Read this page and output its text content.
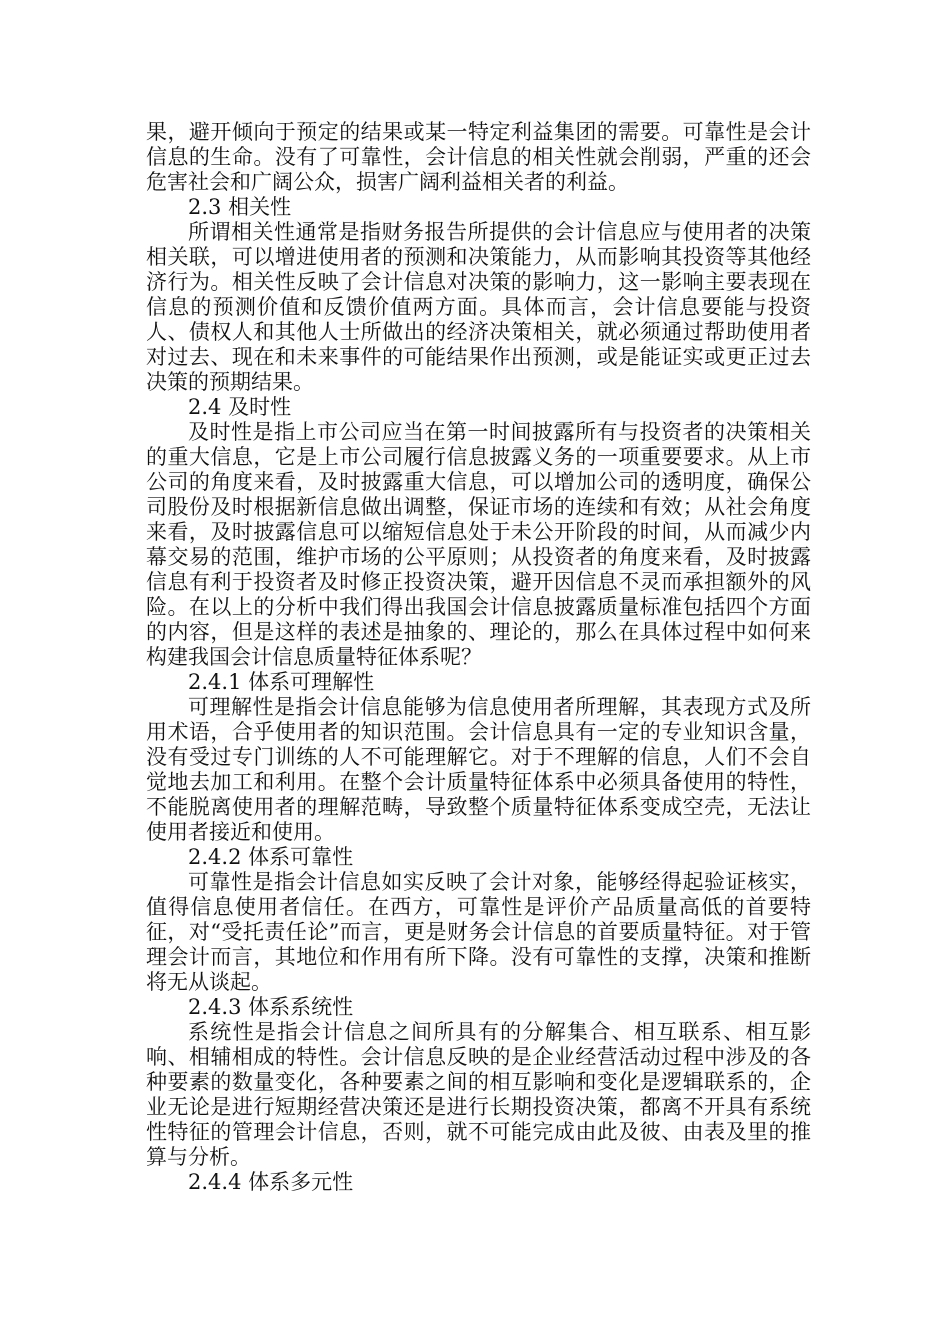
果，避开倾向于预定的结果或某一特定利益集团的需要。可靠性是会计信息的生命。没有了可靠性，会计信息的相关性就会削弱，严重的还会危害社会和广阔公众，损害广阔利益相关者的利益。

2.3 相关性

所谓相关性通常是指财务报告所提供的会计信息应与使用者的决策相关联，可以增进使用者的预测和决策能力，从而影响其投资等其他经济行为。相关性反映了会计信息对决策的影响力，这一影响主要表现在信息的预测价值和反馈价值两方面。具体而言，会计信息要能与投资人、债权人和其他人士所做出的经济决策相关，就必须通过帮助使用者对过去、现在和未来事件的可能结果作出预测，或是能证实或更正过去决策的预期结果。

2.4 及时性

及时性是指上市公司应当在第一时间披露所有与投资者的决策相关的重大信息，它是上市公司履行信息披露义务的一项重要要求。从上市公司的角度来看，及时披露重大信息，可以增加公司的透明度，确保公司股份及时根据新信息做出调整，保证市场的连续和有效；从社会角度来看，及时披露信息可以缩短信息处于未公开阶段的时间，从而减少内幕交易的范围，维护市场的公平原则；从投资者的角度来看，及时披露信息有利于投资者及时修正投资决策，避开因信息不灵而承担额外的风险。在以上的分析中我们得出我国会计信息披露质量标准包括四个方面的内容，但是这样的表述是抽象的、理论的，那么在具体过程中如何来构建我国会计信息质量特征体系呢？

2.4.1 体系可理解性

可理解性是指会计信息能够为信息使用者所理解，其表现方式及所用术语，合乎使用者的知识范围。会计信息具有一定的专业知识含量，没有受过专门训练的人不可能理解它。对于不理解的信息，人们不会自觉地去加工和利用。在整个会计质量特征体系中必须具备使用的特性，不能脱离使用者的理解范畴，导致整个质量特征体系变成空壳，无法让使用者接近和使用。

2.4.2 体系可靠性

可靠性是指会计信息如实反映了会计对象，能够经得起验证核实，值得信息使用者信任。在西方，可靠性是评价产品质量高低的首要特征，对“受托责任论”而言，更是财务会计信息的首要质量特征。对于管理会计而言，其地位和作用有所下降。没有可靠性的支撑，决策和推断将无从谈起。

2.4.3 体系系统性

系统性是指会计信息之间所具有的分解集合、相互联系、相互影响、相辅相成的特性。会计信息反映的是企业经营活动过程中涉及的各种要素的数量变化，各种要素之间的相互影响和变化是逻辑联系的，企业无论是进行短期经营决策还是进行长期投资决策，都离不开具有系统性特征的管理会计信息，否则，就不可能完成由此及彼、由表及里的推算与分析。

2.4.4 体系多元性
